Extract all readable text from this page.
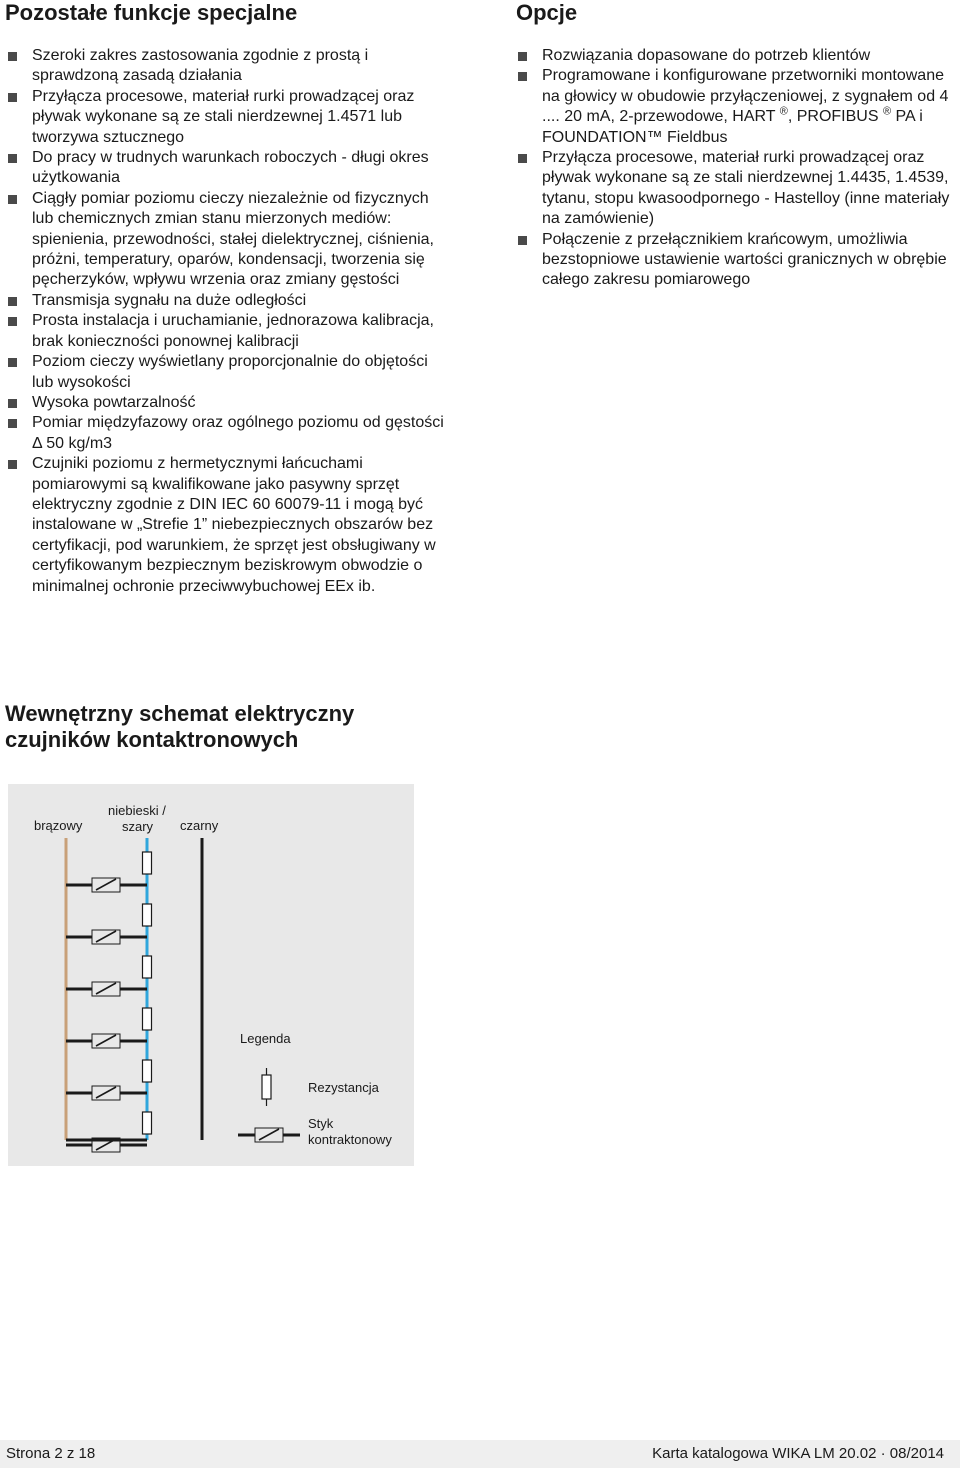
Pozostałe funkcje specjalne
Szeroki zakres zastosowania zgodnie z prostą i sprawdzoną zasadą działania
Przyłącza procesowe, materiał rurki prowadzącej oraz pływak wykonane są ze stali nierdzewnej 1.4571 lub tworzywa sztucznego
Do pracy w trudnych warunkach roboczych - długi okres użytkowania
Ciągły pomiar poziomu cieczy niezależnie od fizycznych lub chemicznych zmian stanu mierzonych mediów: spienienia, przewodności, stałej dielektrycznej, ciśnienia, próżni, temperatury, oparów, kondensacji, tworzenia się pęcherzyków, wpływu wrzenia oraz zmiany gęstości
Transmisja sygnału na duże odległości
Prosta instalacja i uruchamianie, jednorazowa kalibracja, brak konieczności ponownej kalibracji
Poziom cieczy wyświetlany proporcjonalnie do objętości lub wysokości
Wysoka powtarzalność
Pomiar międzyfazowy oraz ogólnego poziomu od gęstości Δ 50 kg/m3
Czujniki poziomu z hermetycznymi łańcuchami pomiarowymi są kwalifikowane jako pasywny sprzęt elektryczny zgodnie z DIN IEC 60 60079-11 i mogą być instalowane w „Strefie 1” niebezpiecznych obszarów bez certyfikacji, pod warunkiem, że sprzęt jest obsługiwany w certyfikowanym bezpiecznym beziskrowym obwodzie o minimalnej ochronie przeciwwybuchowej EEx ib.
Opcje
Rozwiązania dopasowane do potrzeb klientów
Programowane i konfigurowane przetworniki montowane na głowicy w obudowie przyłączeniowej, z sygnałem od 4 .... 20 mA, 2-przewodowe, HART ®, PROFIBUS ® PA i FOUNDATION™ Fieldbus
Przyłącza procesowe, materiał rurki prowadzącej oraz pływak wykonane są ze stali nierdzewnej 1.4435, 1.4539, tytanu, stopu kwasoodpornego - Hastelloy (inne materiały na zamówienie)
Połączenie z przełącznikiem krańcowym, umożliwia bezstopniowe ustawienie wartości granicznych w obrębie całego zakresu pomiarowego
Wewnętrzny schemat elektryczny czujników kontaktronowych
brązowy
niebieski /
szary czarny
Legenda
Rezystancja
Styk
kontraktonowy
Strona 2 z 18	Karta katalogowa WIKA LM 20.02 · 08/2014
